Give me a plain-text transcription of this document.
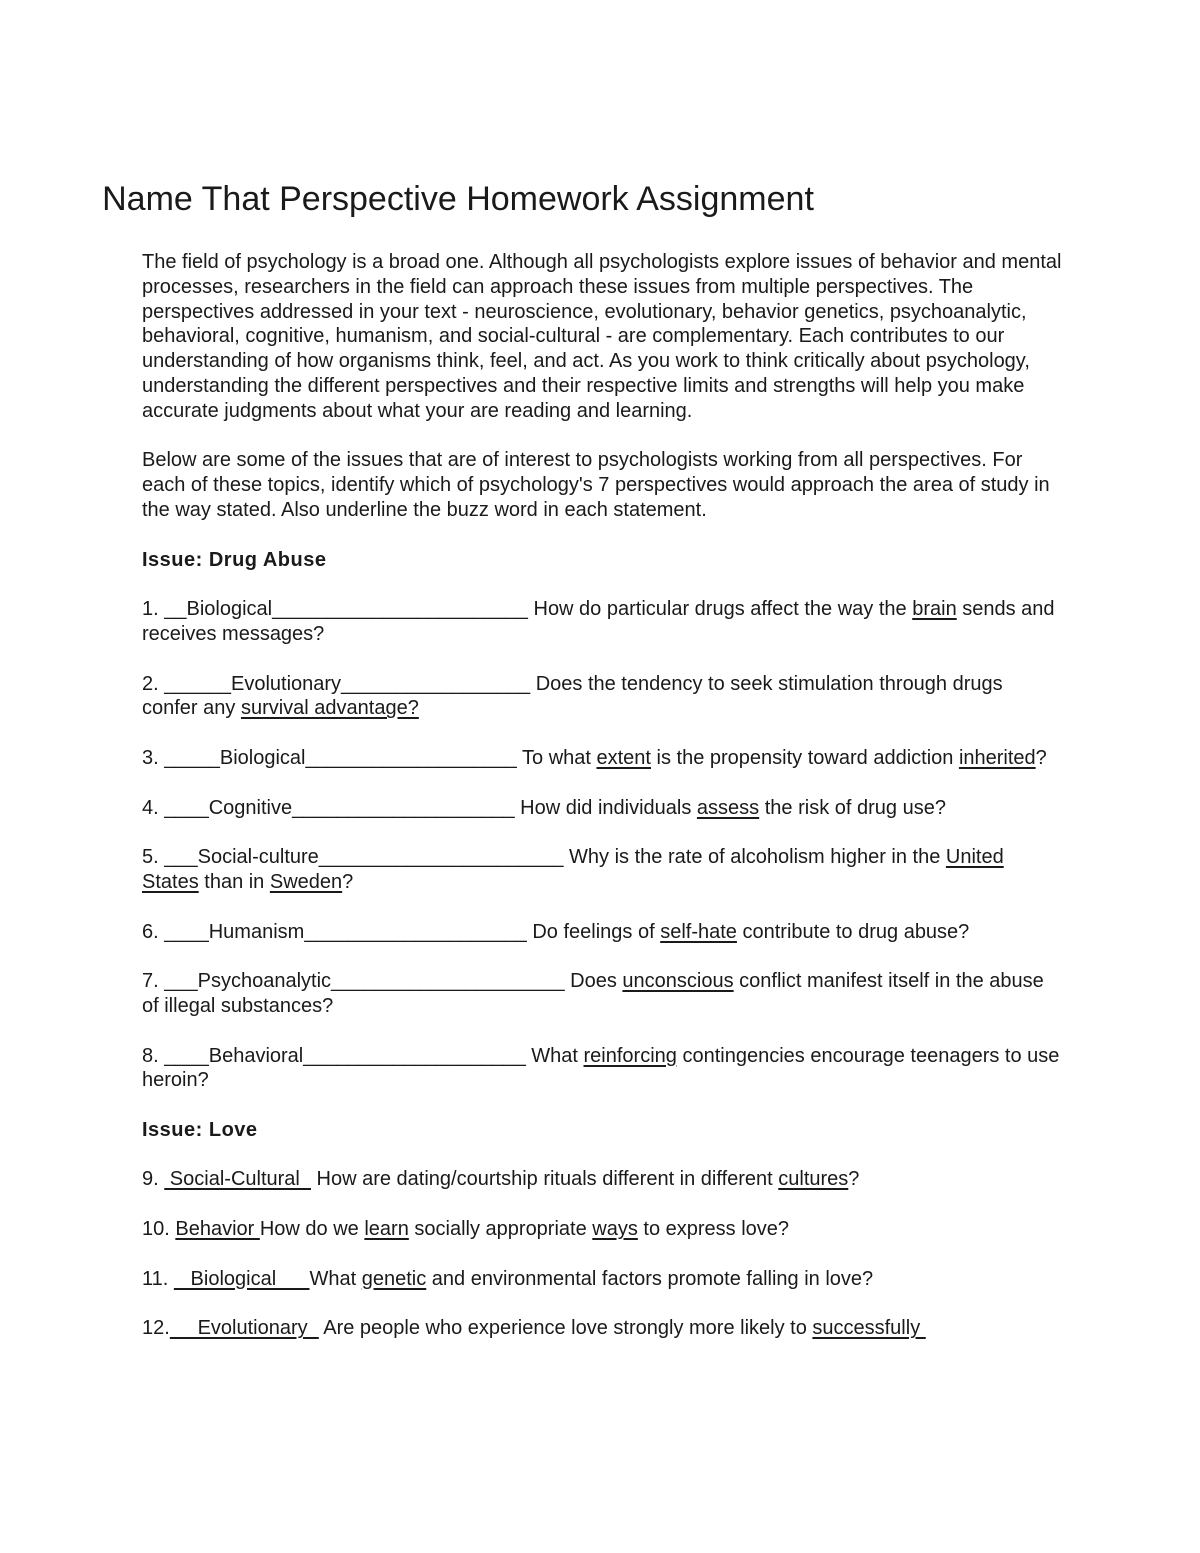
Name That Perspective Homework Assignment

The field of psychology is a broad one. Although all psychologists explore issues of behavior and mental processes, researchers in the field can approach these issues from multiple perspectives. The perspectives addressed in your text - neuroscience, evolutionary, behavior genetics, psychoanalytic, behavioral, cognitive, humanism, and social-cultural - are complementary. Each contributes to our understanding of how organisms think, feel, and act. As you work to think critically about psychology, understanding the different perspectives and their respective limits and strengths will help you make accurate judgments about what your are reading and learning.

Below are some of the issues that are of interest to psychologists working from all perspectives. For each of these topics, identify which of psychology's 7 perspectives would approach the area of study in the way stated. Also underline the buzz word in each statement.

Issue: Drug Abuse
1. __Biological_______________________ How do particular drugs affect the way the brain sends and receives messages?
2. ______Evolutionary_________________ Does the tendency to seek stimulation through drugs confer any survival advantage?
3. _____Biological___________________ To what extent is the propensity toward addiction inherited?
4. ____Cognitive____________________ How did individuals assess the risk of drug use?
5. ___Social-culture______________________ Why is the rate of alcoholism higher in the United States than in Sweden?
6. ____Humanism____________________ Do feelings of self-hate contribute to drug abuse?
7. ___Psychoanalytic_____________________ Does unconscious conflict manifest itself in the abuse of illegal substances?
8. ____Behavioral____________________ What reinforcing contingencies encourage teenagers to use heroin?
Issue: Love
9.  Social-Cultural   How are dating/courtship rituals different in different cultures?
10. Behavior How do we learn socially appropriate ways to express love?
11.    Biological      What genetic and environmental factors promote falling in love?
12.     Evolutionary   Are people who experience love strongly more likely to successfully
